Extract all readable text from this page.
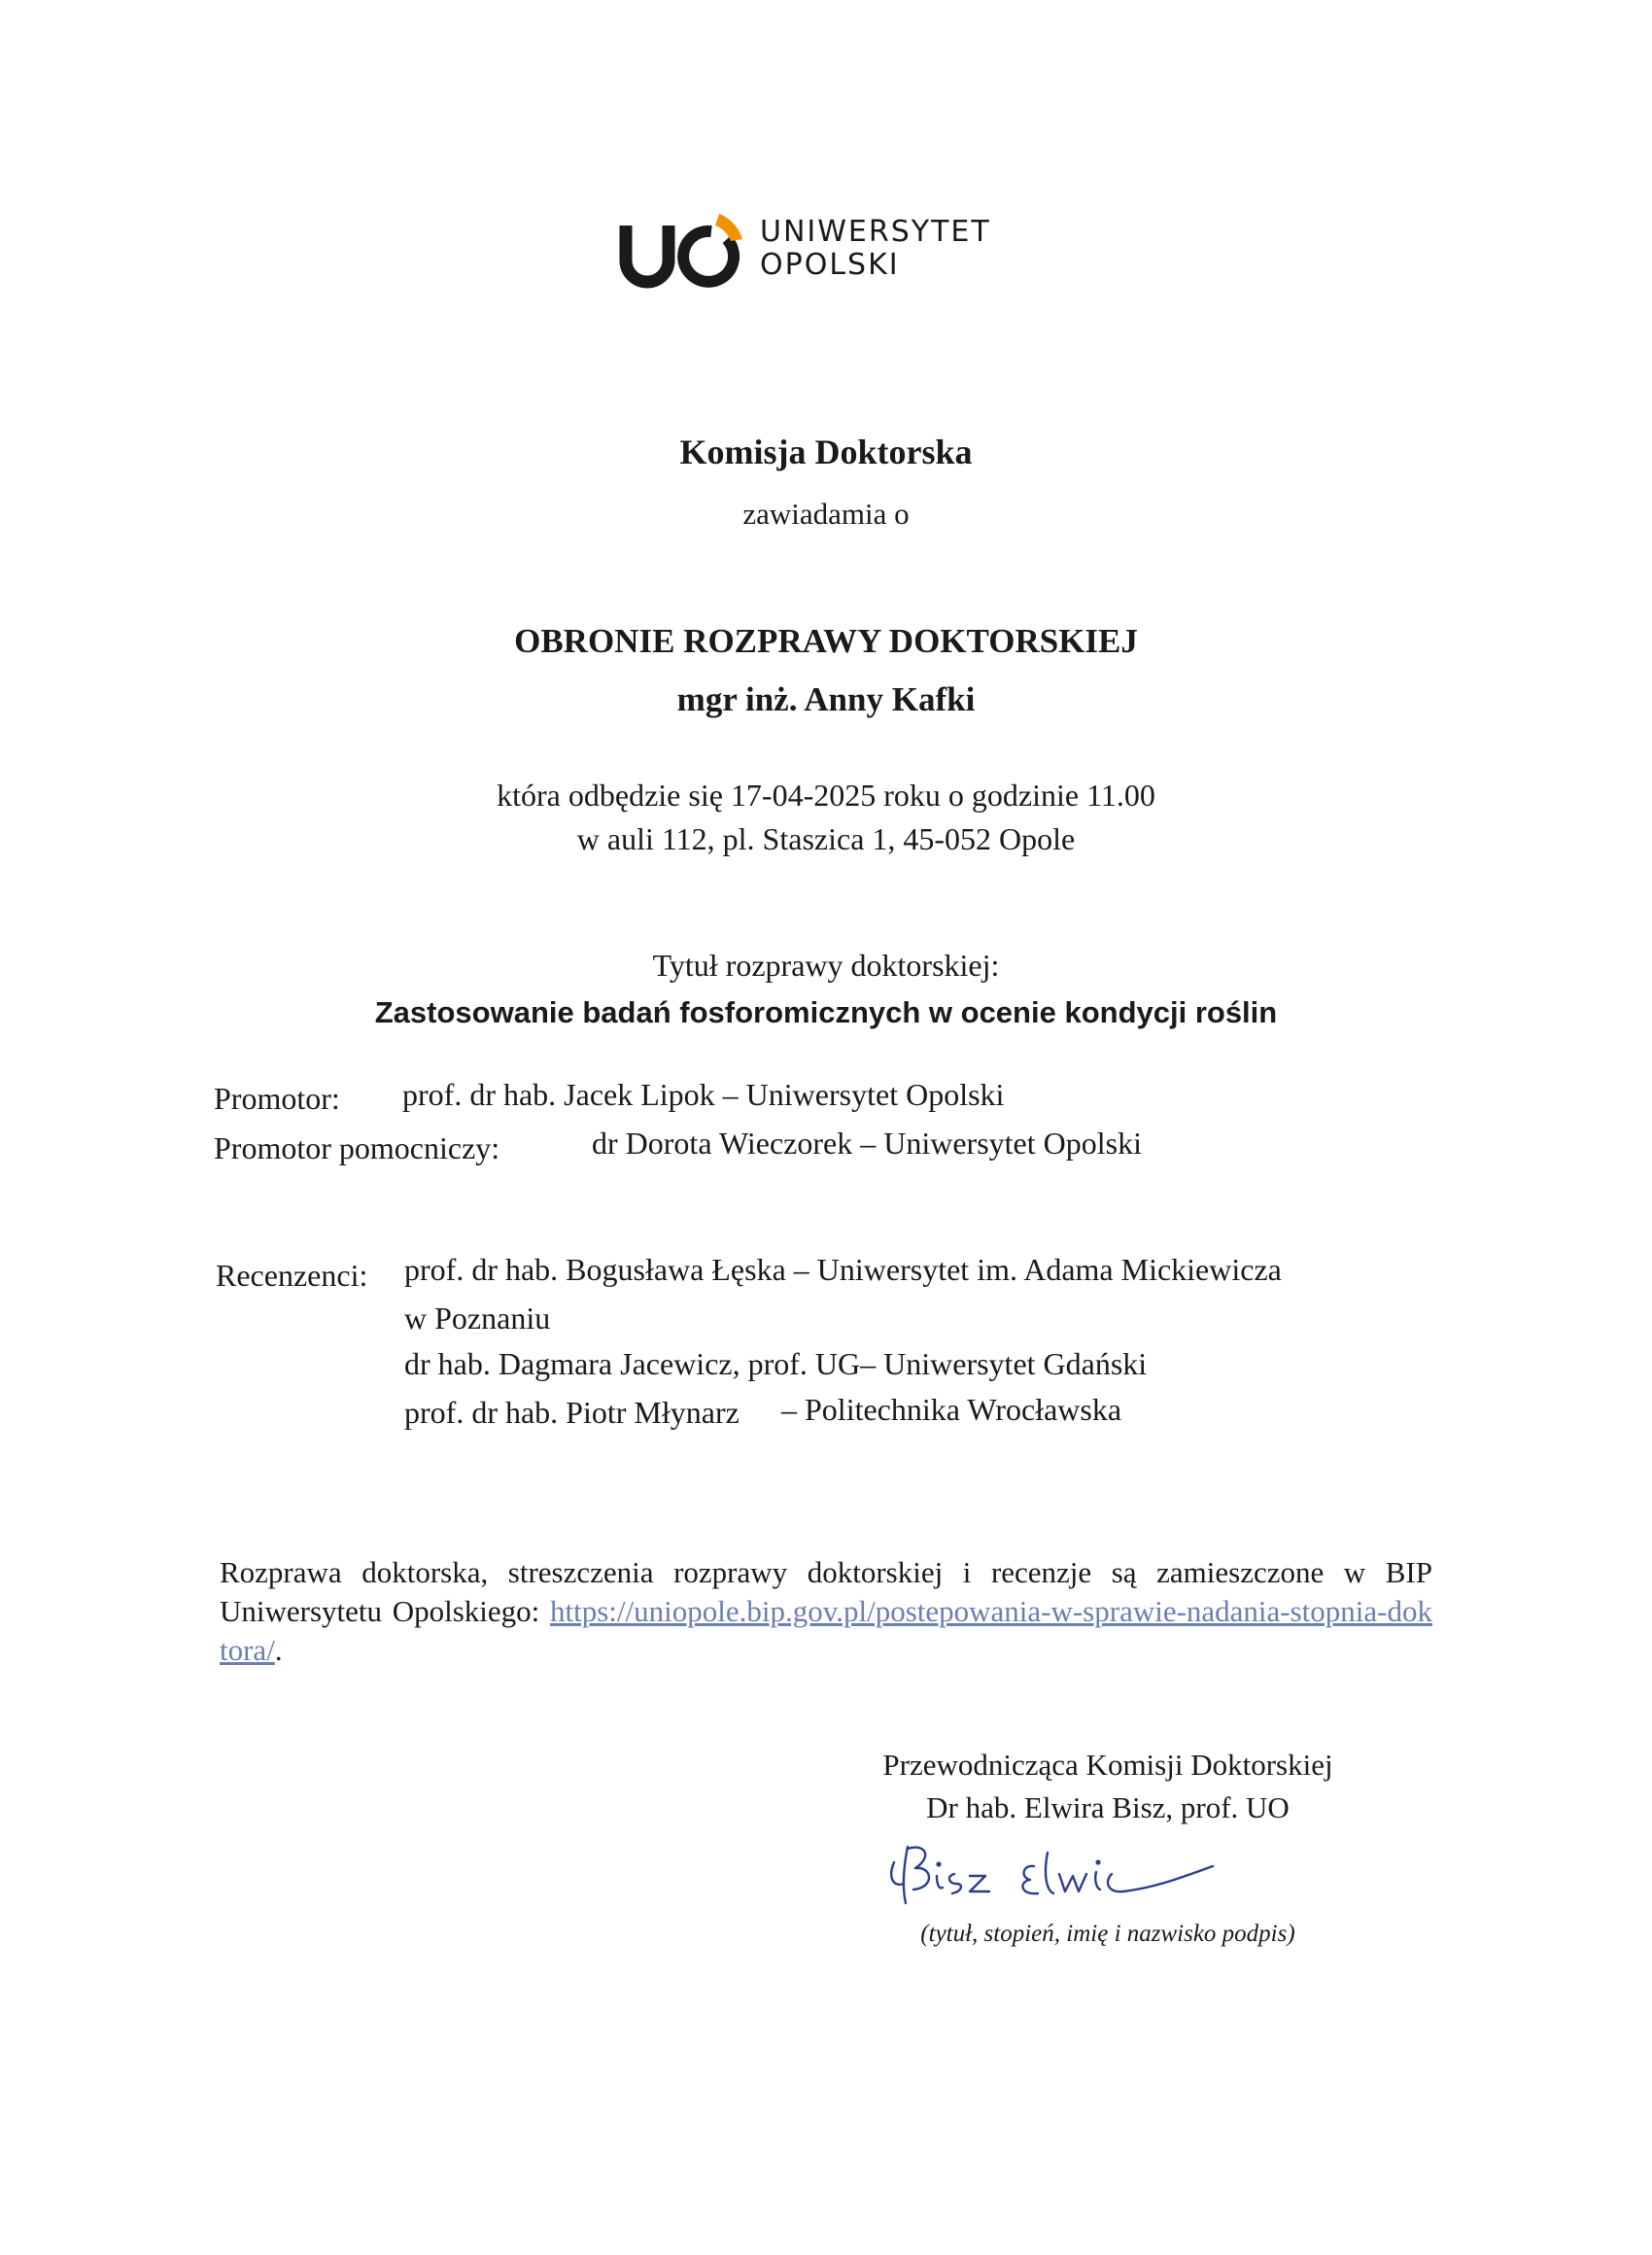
UNIWERSYTET
OPOLSKI
Komisja Doktorska
zawiadamia o
OBRONIE ROZPRAWY DOKTORSKIEJ
mgr inż. Anny Kafki
która odbędzie się 17-04-2025 roku o godzinie 11.00
w auli 112, pl. Staszica 1, 45-052 Opole
Tytuł rozprawy doktorskiej:
Zastosowanie badań fosforomicznych w ocenie kondycji roślin
Promotor: prof. dr hab. Jacek Lipok – Uniwersytet Opolski
Promotor pomocniczy:	dr Dorota Wieczorek – Uniwersytet Opolski
Recenzenci: prof. dr hab. Bogusława Łęska – Uniwersytet im. Adama Mickiewicza
w Poznaniu
dr hab. Dagmara Jacewicz, prof. UG– Uniwersytet Gdański
prof. dr hab. Piotr Młynarz – Politechnika Wrocławska
Rozprawa doktorska, streszczenia rozprawy doktorskiej i recenzje są zamieszczone w BIP Uniwersytetu Opolskiego: https://uniopole.bip.gov.pl/postepowania-w-sprawie-nadania-stopnia-doktora/.
Przewodnicząca Komisji Doktorskiej
Dr hab. Elwira Bisz, prof. UO
(tytuł, stopień, imię i nazwisko podpis)
